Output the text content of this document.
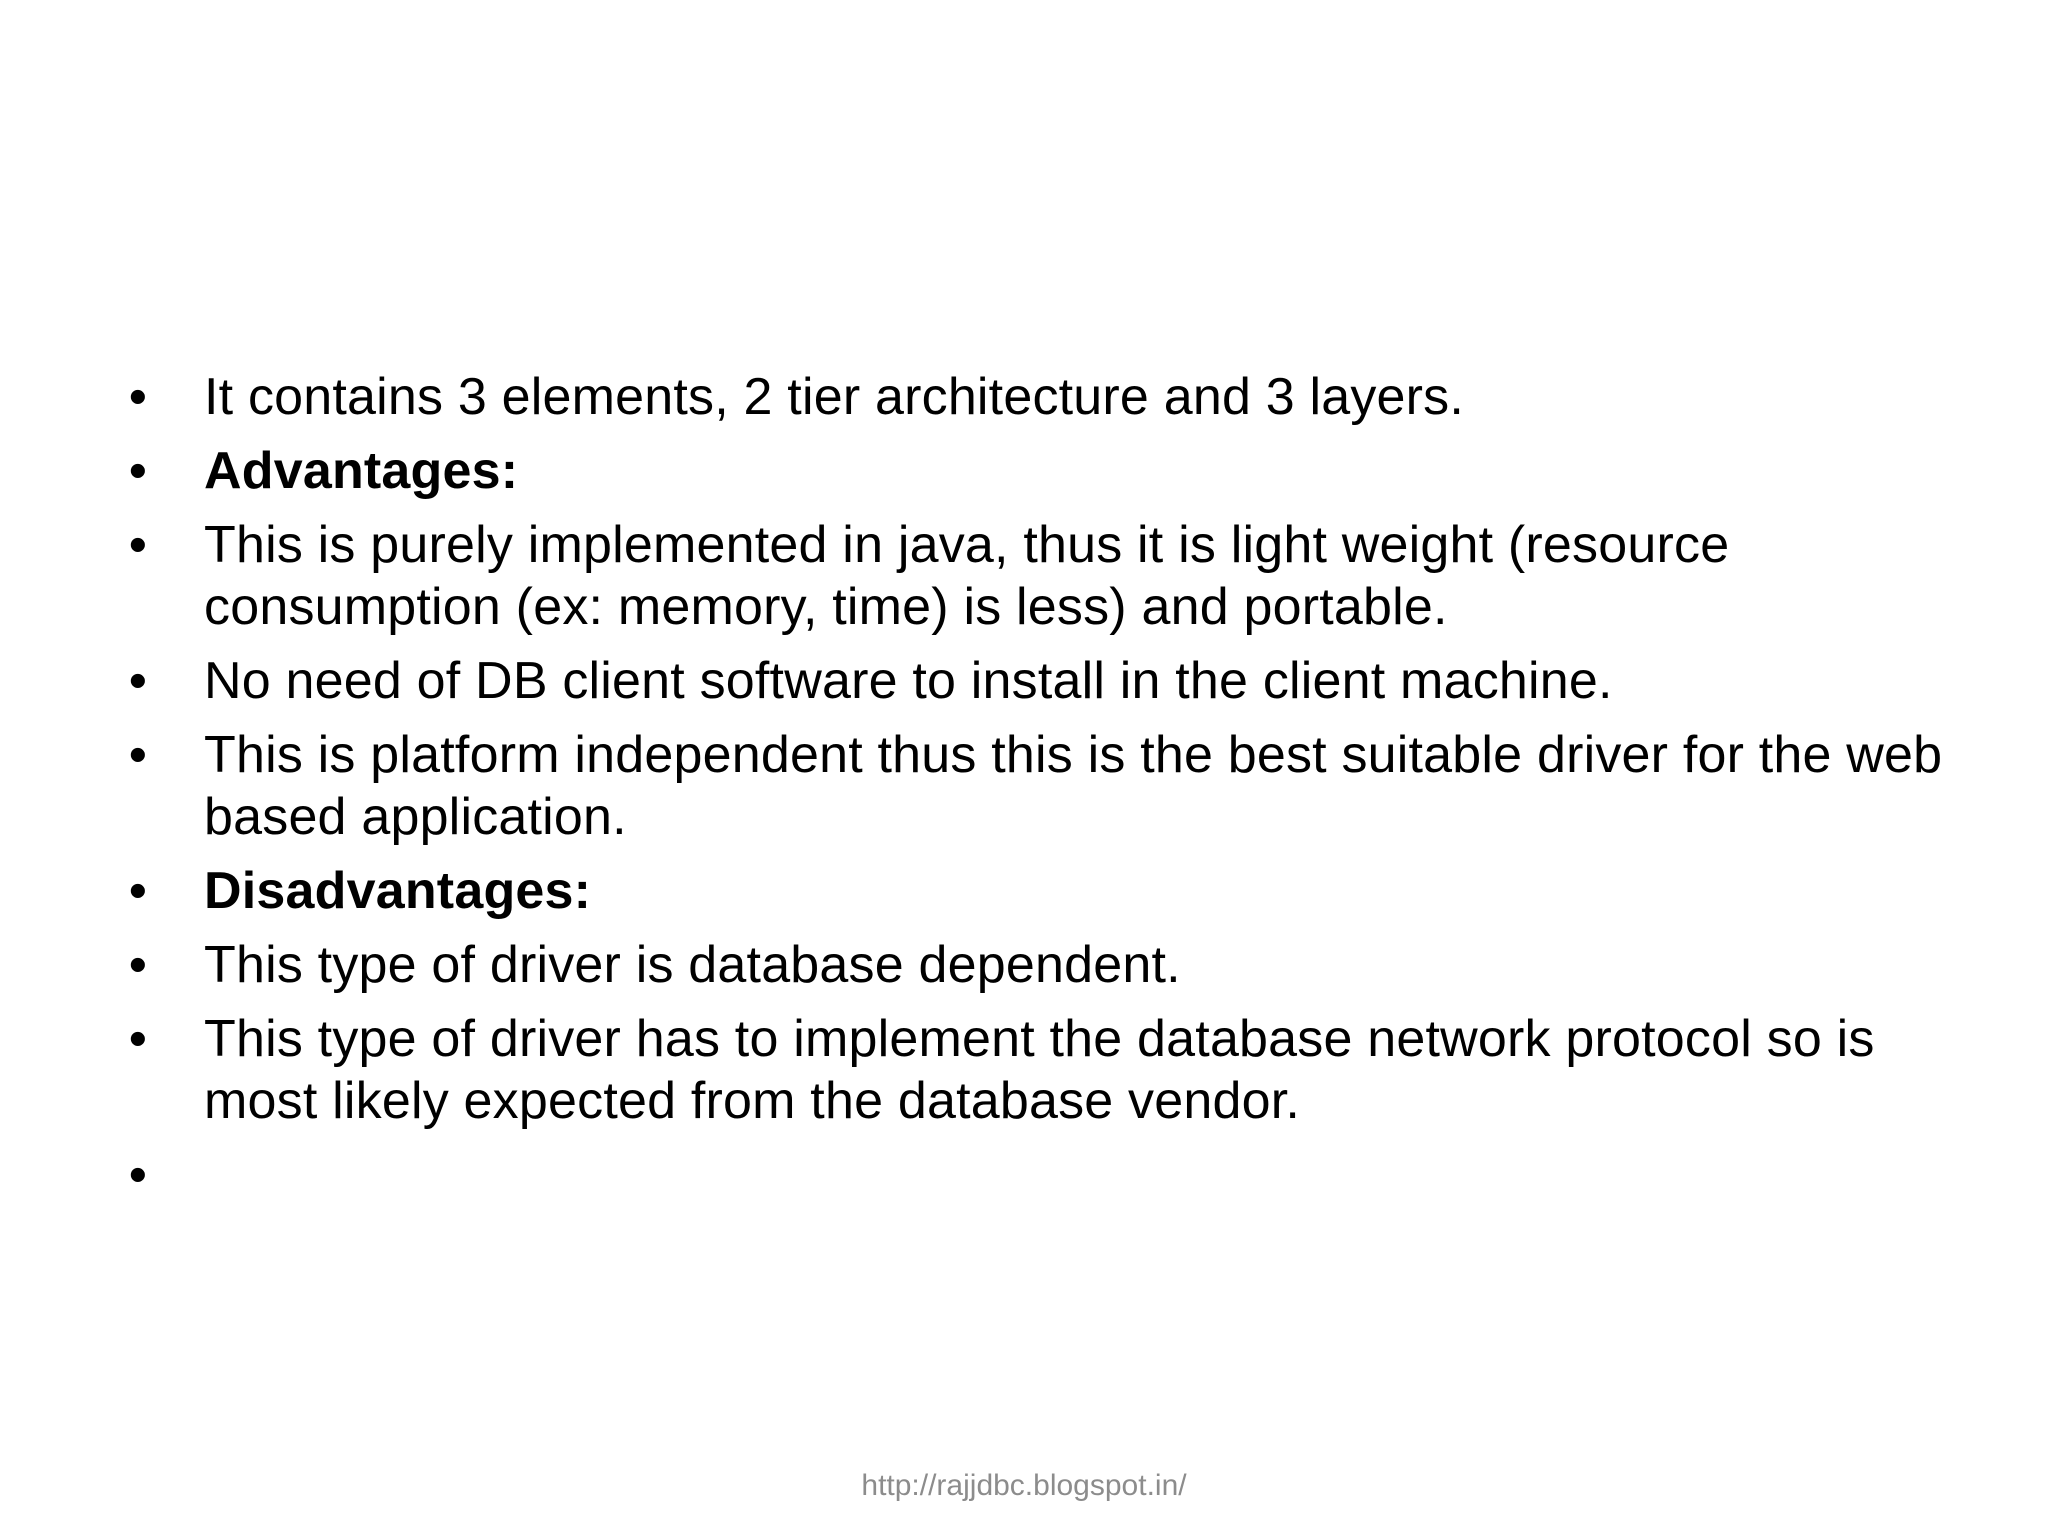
• It contains 3 elements, 2 tier architecture and 3 layers.
• Advantages:
• This is purely implemented in java, thus it is light weight (resource consumption (ex: memory, time) is less) and portable.
• No need of DB client software to install in the client machine.
• This is platform independent thus this is the best suitable driver for the web based application.
• Disadvantages:
• This type of driver is database dependent.
• This type of driver has to implement the database network protocol so is most likely expected from the database vendor.
•
http://rajjdbc.blogspot.in/
